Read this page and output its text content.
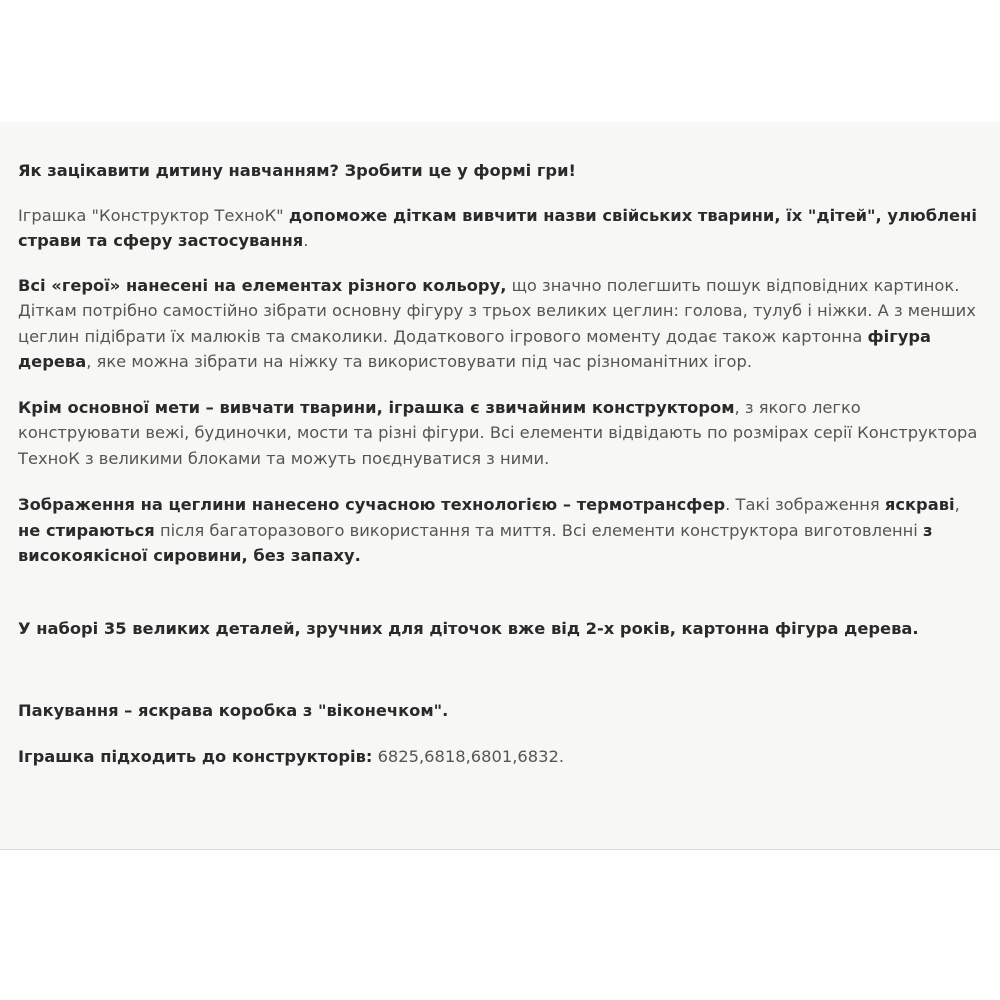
Як зацікавити дитину навчанням? Зробити це у формі гри!

Іграшка "Конструктор ТехноК" допоможе діткам вивчити назви свійських тварини, їх "дітей", улюблені страви та сферу застосування.

Всі «герої» нанесені на елементах різного кольору, що значно полегшить пошук відповідних картинок. Діткам потрібно самостійно зібрати основну фігуру з трьох великих цеглин: голова, тулуб і ніжки. А з менших цеглин підібрати їх малюків та смаколики. Додаткового ігрового моменту додає також картонна фігура дерева, яке можна зібрати на ніжку та використовувати під час різноманітних ігор.

Крім основної мети – вивчати тварини, іграшка є звичайним конструктором, з якого легко конструювати вежі, будиночки, мости та різні фігури. Всі елементи відвідають по розмірах серії Конструктора ТехноК з великими блоками та можуть поєднуватися з ними.

Зображення на цеглини нанесено сучасною технологією – термотрансфер. Такі зображення яскраві, не стираються після багаторазового використання та миття. Всі елементи конструктора виготовленні з високоякісної сировини, без запаху.

У наборі 35 великих деталей, зручних для діточок вже від 2-х років, картонна фігура дерева.

Пакування – яскрава коробка з "віконечком".

Іграшка підходить до конструкторів: 6825,6818,6801,6832.
